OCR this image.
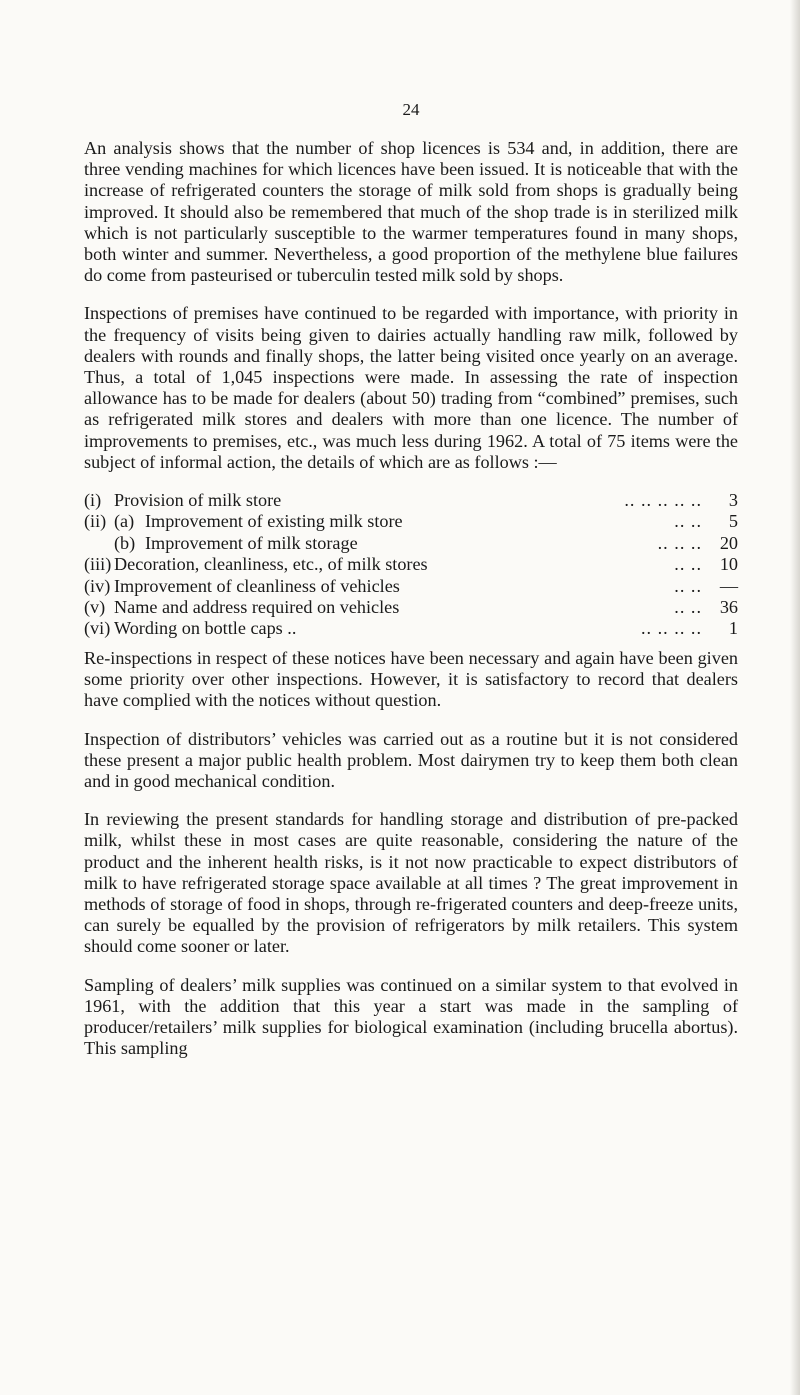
24

An analysis shows that the number of shop licences is 534 and, in addition, there are three vending machines for which licences have been issued. It is noticeable that with the increase of refrigerated counters the storage of milk sold from shops is gradually being improved. It should also be remembered that much of the shop trade is in sterilized milk which is not particularly susceptible to the warmer temperatures found in many shops, both winter and summer. Nevertheless, a good proportion of the methylene blue failures do come from pasteurised or tuberculin tested milk sold by shops.

Inspections of premises have continued to be regarded with importance, with priority in the frequency of visits being given to dairies actually handling raw milk, followed by dealers with rounds and finally shops, the latter being visited once yearly on an average. Thus, a total of 1,045 inspections were made. In assessing the rate of inspection allowance has to be made for dealers (about 50) trading from “combined” premises, such as refrigerated milk stores and dealers with more than one licence. The number of improvements to premises, etc., was much less during 1962. A total of 75 items were the subject of informal action, the details of which are as follows :—

(i) Provision of milk store	.. .. .. .. ..	3
(ii) (a) Improvement of existing milk store	.. ..	5
(b) Improvement of milk storage	.. .. .. 20
(iii) Decoration, cleanliness, etc., of milk stores	.. .. 10
(iv) Improvement of cleanliness of vehicles	.. .. —
(v) Name and address required on vehicles	.. .. 36
(vi) Wording on bottle caps ..	.. .. .. ..	1

Re-inspections in respect of these notices have been necessary and again have been given some priority over other inspections. However, it is satisfactory to record that dealers have complied with the notices without question.

Inspection of distributors’ vehicles was carried out as a routine but it is not considered these present a major public health problem. Most dairymen try to keep them both clean and in good mechanical condition.

In reviewing the present standards for handling storage and distribution of pre-packed milk, whilst these in most cases are quite reasonable, considering the nature of the product and the inherent health risks, is it not now practicable to expect distributors of milk to have refrigerated storage space available at all times ? The great improvement in methods of storage of food in shops, through re-frigerated counters and deep-freeze units, can surely be equalled by the provision of refrigerators by milk retailers. This system should come sooner or later.

Sampling of dealers’ milk supplies was continued on a similar system to that evolved in 1961, with the addition that this year a start was made in the sampling of producer/retailers’ milk supplies for biological examination (including brucella abortus). This sampling
